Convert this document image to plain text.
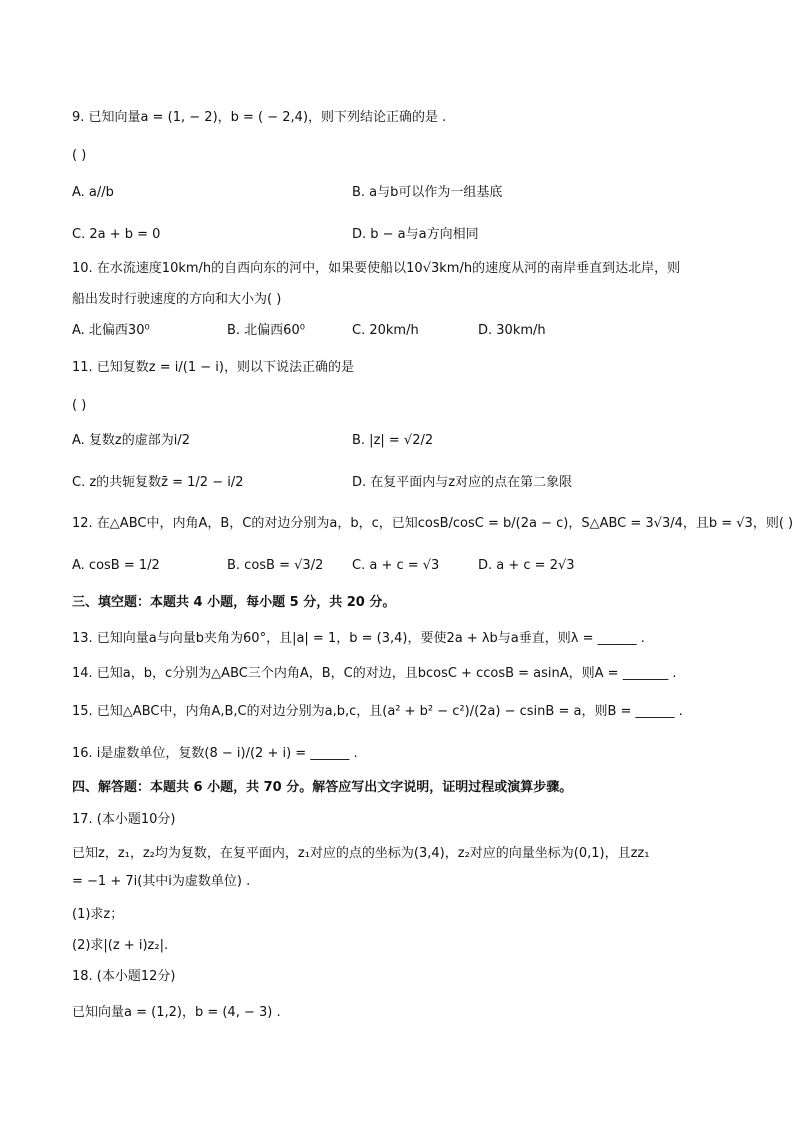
9. 已知向量a = (1, − 2)，b = ( − 2,4)，则下列结论正确的是 .
( )
A. a//b	B. a与b可以作为一组基底
C. 2a + b = 0	D. b − a与a方向相同
10. 在水流速度10km/h的自西向东的河中，如果要使船以10√3km/h的速度从河的南岸垂直到达北岸，则
船出发时行驶速度的方向和大小为( )
A. 北偏西30⁰	B. 北偏西60⁰	C. 20km/h	D. 30km/h
11. 已知复数z = i/(1 − i)，则以下说法正确的是
( )
A. 复数z的虚部为i/2	B. |z| = √2/2
C. z的共轭复数z̄ = 1/2 − i/2	D. 在复平面内与z对应的点在第二象限
12. 在△ABC中，内角A，B，C的对边分别为a，b，c，已知cosB/cosC = b/(2a − c)，S△ABC = 3√3/4，且b = √3，则( )
A. cosB = 1/2	B. cosB = √3/2 C. a + c = √3	D. a + c = 2√3
三、填空题：本题共 4 小题，每小题 5 分，共 20 分。
13. 已知向量a与向量b夹角为60°，且|a| = 1，b = (3,4)，要使2a + λb与a垂直，则λ = ______ .
14. 已知a，b，c分别为△ABC三个内角A，B，C的对边，且bcosC + ccosB = asinA，则A = _______ .
15. 已知△ABC中，内角A,B,C的对边分别为a,b,c，且(a² + b² − c²)/(2a) − csinB = a，则B = ______ .
16. i是虚数单位，复数(8 − i)/(2 + i) = ______ .
四、解答题：本题共 6 小题，共 70 分。解答应写出文字说明，证明过程或演算步骤。
17. (本小题10分)
已知z，z₁，z₂均为复数，在复平面内，z₁对应的点的坐标为(3,4)，z₂对应的向量坐标为(0,1)，且zz₁
= −1 + 7i(其中i为虚数单位) .
(1)求z；
(2)求|(z + i)z₂|.
18. (本小题12分)
已知向量a = (1,2)，b = (4, − 3) .
